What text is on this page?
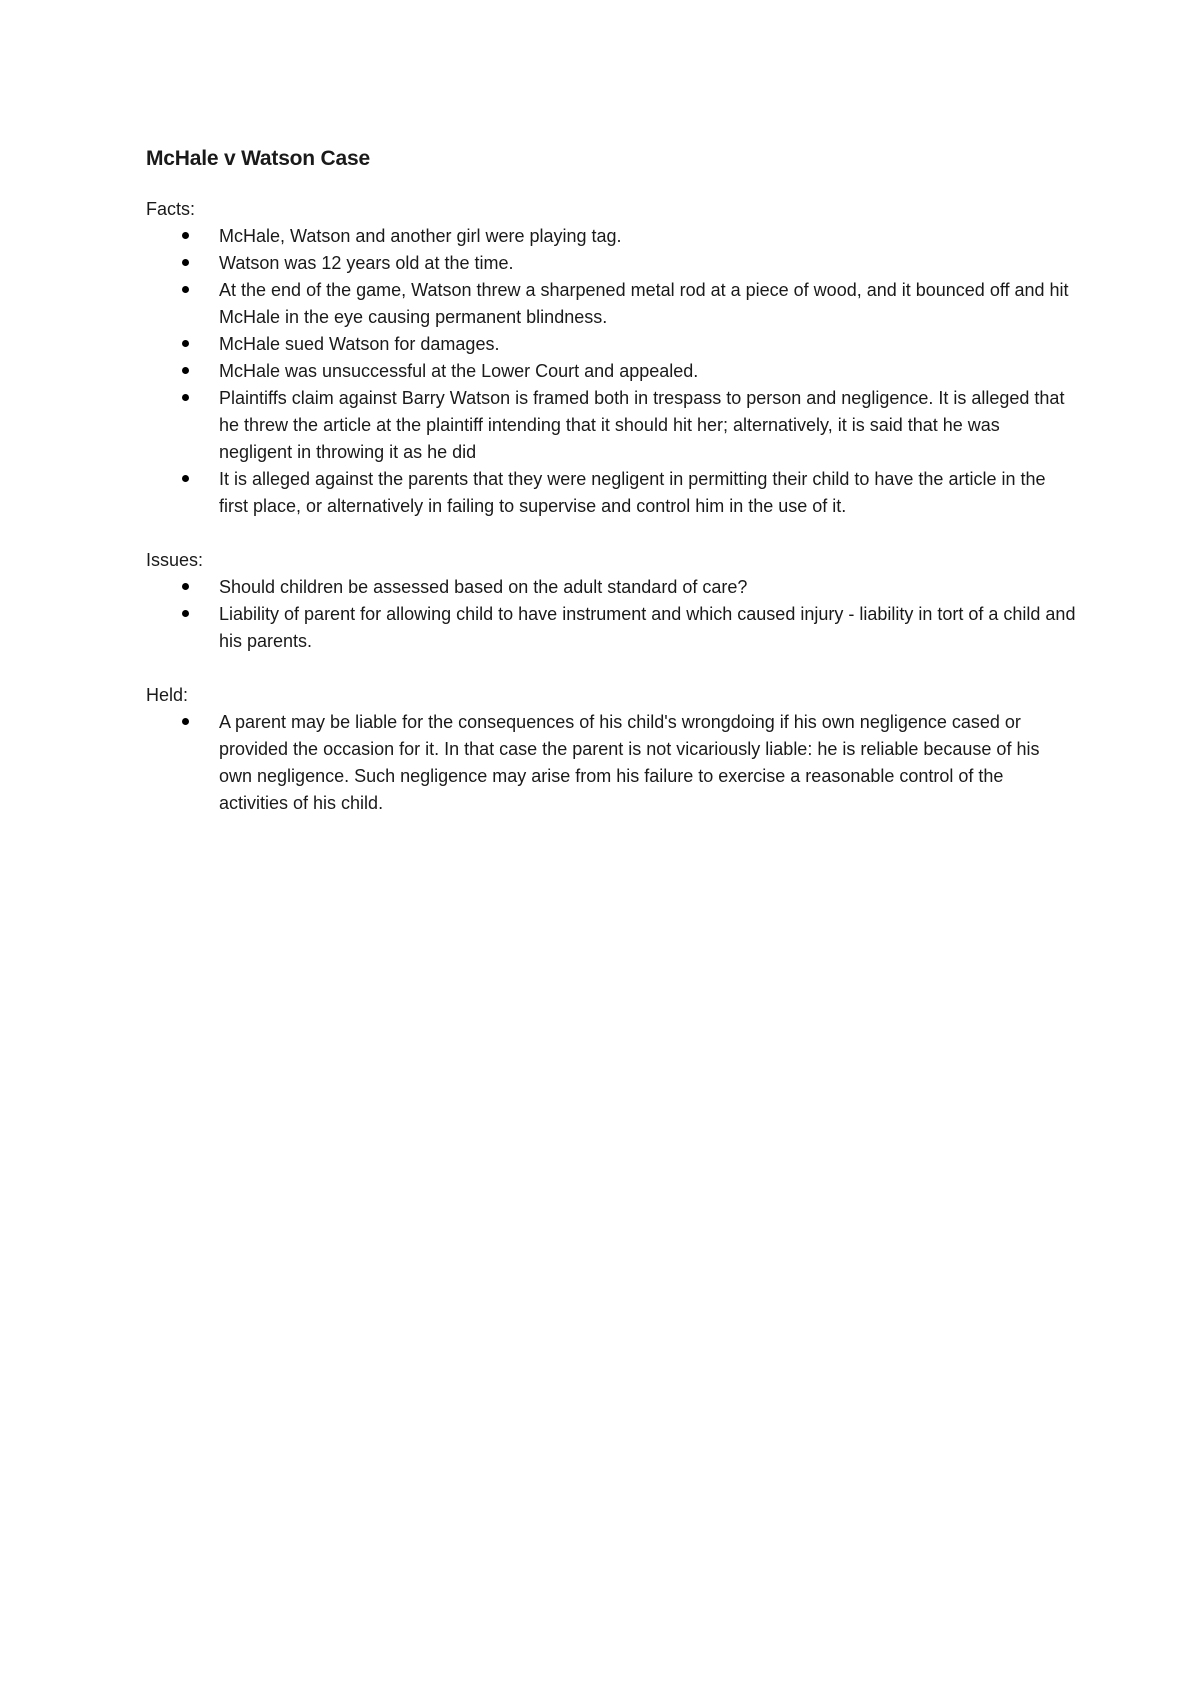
McHale v Watson Case
Facts:
McHale, Watson and another girl were playing tag.
Watson was 12 years old at the time.
At the end of the game, Watson threw a sharpened metal rod at a piece of wood, and it bounced off and hit McHale in the eye causing permanent blindness.
McHale sued Watson for damages.
McHale was unsuccessful at the Lower Court and appealed.
Plaintiffs claim against Barry Watson is framed both in trespass to person and negligence. It is alleged that he threw the article at the plaintiff intending that it should hit her; alternatively, it is said that he was negligent in throwing it as he did
It is alleged against the parents that they were negligent in permitting their child to have the article in the first place, or alternatively in failing to supervise and control him in the use of it.
Issues:
Should children be assessed based on the adult standard of care?
Liability of parent for allowing child to have instrument and which caused injury - liability in tort of a child and his parents.
Held:
A parent may be liable for the consequences of his child's wrongdoing if his own negligence cased or provided the occasion for it. In that case the parent is not vicariously liable: he is reliable because of his own negligence. Such negligence may arise from his failure to exercise a reasonable control of the activities of his child.
